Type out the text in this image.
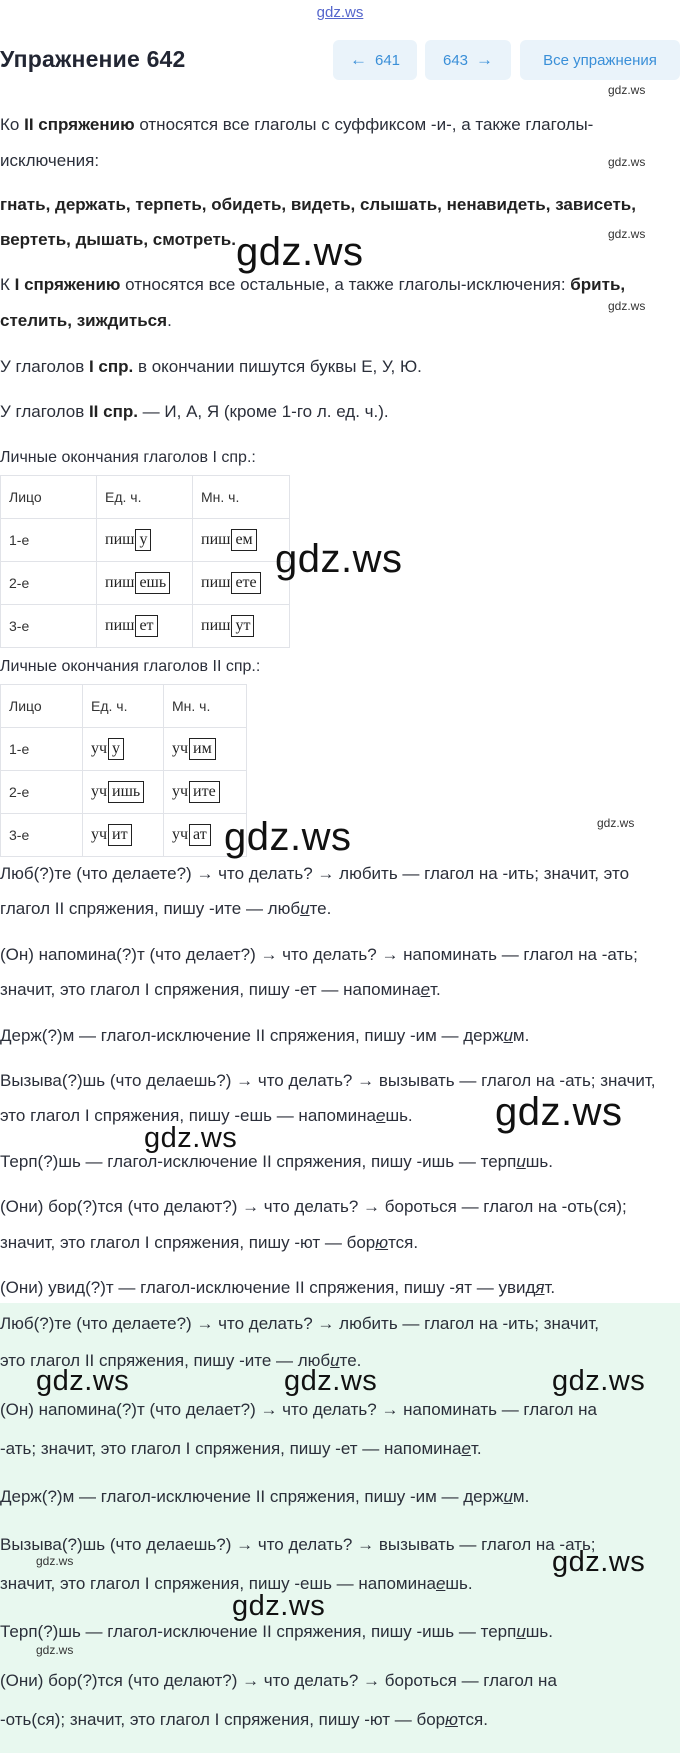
gdz.ws
Упражнение 642	← 641	643 →	Все упражнения
Ко II спряжению относятся все глаголы с суффиксом -и-, а также глаголы-
исключения:
гнать, держать, терпеть, обидеть, видеть, слышать, ненавидеть, зависеть,
вертеть, дышать, смотреть.
К I спряжению относятся все остальные, а также глаголы-исключения: брить,
стелить, зиждиться.
У глаголов I спр. в окончании пишутся буквы Е, У, Ю.
У глаголов II спр. — И, А, Я (кроме 1-го л. ед. ч.).
Личные окончания глаголов I спр.:
Лицо	Ед. ч.	Мн. ч.
1-е	пиш у	пиш ем
2-е	пиш ешь	пиш ете
3-е	пиш ет	пиш ут
Личные окончания глаголов II спр.:
Лицо	Ед. ч.	Мн. ч.
1-е	уч у	уч им
2-е	уч ишь	уч ите
3-е	уч ит	уч ат
Люб(?)те (что делаете?) → что делать? → любить — глагол на -ить; значит, это
глагол II спряжения, пишу -ите — любите.
(Он) напомина(?)т (что делает?) → что делать? → напоминать — глагол на -ать;
значит, это глагол I спряжения, пишу -ет — напоминает.
Держ(?)м — глагол-исключение II спряжения, пишу -им — держим.
Вызыва(?)шь (что делаешь?) → что делать? → вызывать — глагол на -ать; значит,
это глагол I спряжения, пишу -ешь — напоминаешь.
Терп(?)шь — глагол-исключение II спряжения, пишу -ишь — терпишь.
(Они) бор(?)тся (что делают?) → что делать? → бороться — глагол на -оть(ся);
значит, это глагол I спряжения, пишу -ют — борются.
(Они) увид(?)т — глагол-исключение II спряжения, пишу -ят — увидят.
Люб(?)те (что делаете?) → что делать? → любить — глагол на -ить; значит,
это глагол II спряжения, пишу -ите — любите.
(Он) напомина(?)т (что делает?) → что делать? → напоминать — глагол на
-ать; значит, это глагол I спряжения, пишу -ет — напоминает.
Держ(?)м — глагол-исключение II спряжения, пишу -им — держим.
Вызыва(?)шь (что делаешь?) → что делать? → вызывать — глагол на -ать;
значит, это глагол I спряжения, пишу -ешь — напоминаешь.
Терп(?)шь — глагол-исключение II спряжения, пишу -ишь — терпишь.
(Они) бор(?)тся (что делают?) → что делать? → бороться — глагол на
-оть(ся); значит, это глагол I спряжения, пишу -ют — борются.
gdz.ws
gdz.ws
gdz.ws
gdz.ws
gdz.ws
gdz.ws
gdz.ws
gdz.ws
gdz.ws
gdz.ws
gdz.ws	gdz.ws	gdz.ws
gdz.ws	gdz.ws
gdz.ws
gdz.ws
